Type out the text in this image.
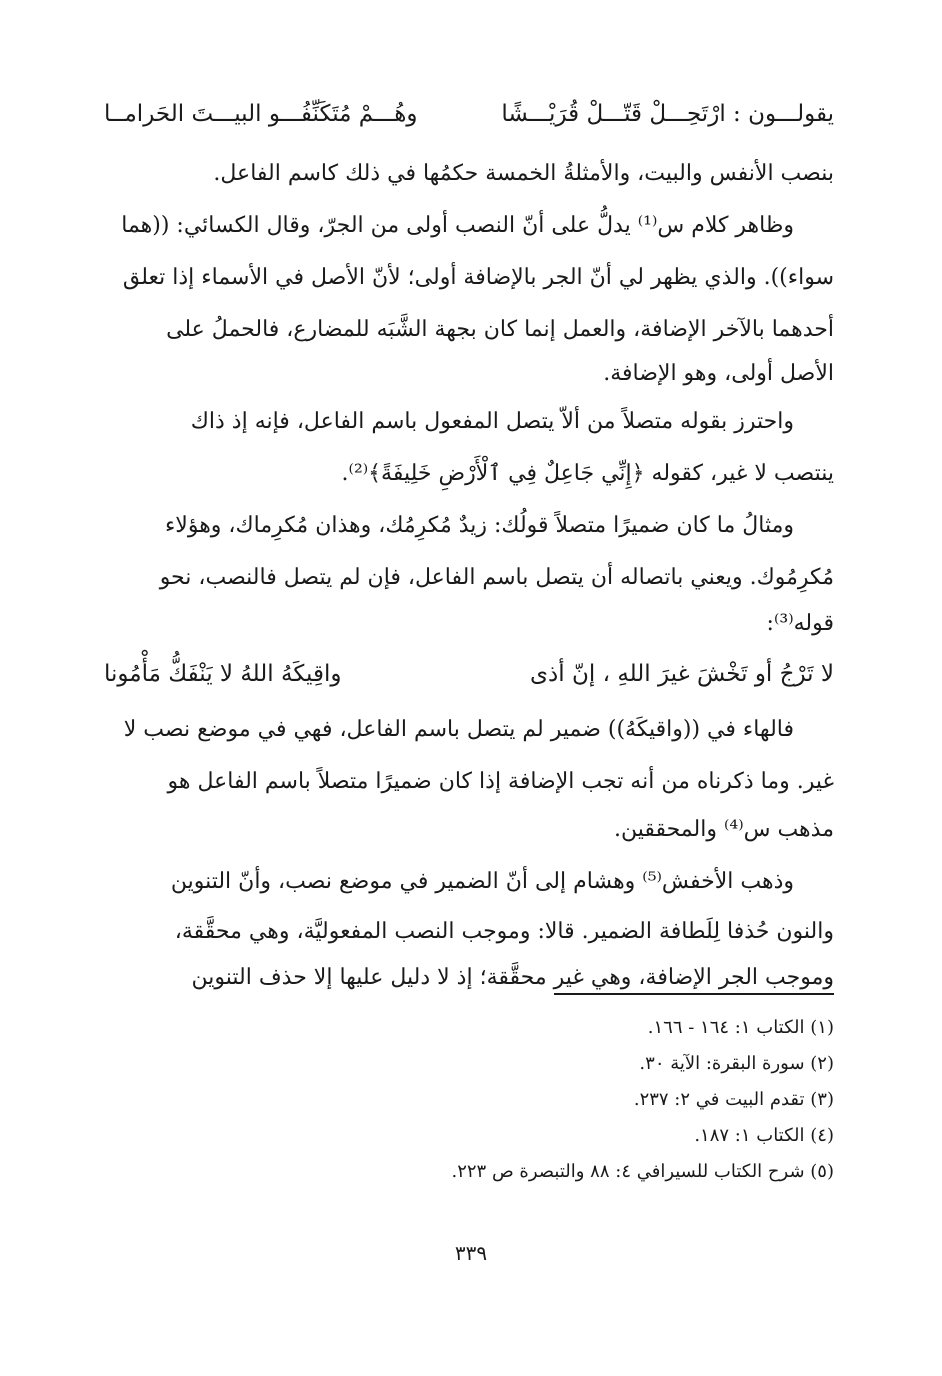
يقولـــون : ارْتَحِـــلْ قَتّـــلْ قُرَيْـــشًا
وهُـــمْ مُتَكَنِّفُـــو البيـــتَ الحَرامــا
بنصب الأنفس والبيت، والأمثلةُ الخمسة حكمُها في ذلك كاسم الفاعل.
وظاهر كلام س⁽¹⁾ يدلُّ على أنّ النصب أولى من الجرّ، وقال الكسائي: ((هما
سواء)). والذي يظهر لي أنّ الجر بالإضافة أولى؛ لأنّ الأصل في الأسماء إذا تعلق
أحدهما بالآخر الإضافة، والعمل إنما كان بجهة الشَّبَه للمضارع، فالحملُ على
الأصل أولى، وهو الإضافة.
واحترز بقوله متصلاً من ألاّ يتصل المفعول باسم الفاعل، فإنه إذ ذاك
ينتصب لا غير، كقوله ﴿إِنِّي جَاعِلٌ فِي ٱلْأَرْضِ خَلِيفَةً﴾⁽²⁾.
ومثالُ ما كان ضميرًا متصلاً قولُك: زيدٌ مُكرِمُك، وهذان مُكرِماك، وهؤلاء
مُكرِمُوك. ويعني باتصاله أن يتصل باسم الفاعل، فإن لم يتصل فالنصب، نحو
قوله⁽³⁾:
لا تَرْجُ أو تَخْشَ غيرَ اللهِ ، إنّ أذى
واقِيكَهُ اللهُ لا يَنْفَكُّ مَأْمُونا
فالهاء في ((واقيكَهُ)) ضمير لم يتصل باسم الفاعل، فهي في موضع نصب لا
غير. وما ذكرناه من أنه تجب الإضافة إذا كان ضميرًا متصلاً باسم الفاعل هو
مذهب س⁽⁴⁾ والمحققين.
وذهب الأخفش⁽⁵⁾ وهشام إلى أنّ الضمير في موضع نصب، وأنّ التنوين
والنون حُذفا لِلَطافة الضمير. قالا: وموجب النصب المفعوليَّة، وهي محقَّقة،
وموجب الجر الإضافة، وهي غير محقَّقة؛ إذ لا دليل عليها إلا حذف التنوين
(١) الكتاب ١: ١٦٤ - ١٦٦.
(٢) سورة البقرة: الآية ٣٠.
(٣) تقدم البيت في ٢: ٢٣٧.
(٤) الكتاب ١: ١٨٧.
(٥) شرح الكتاب للسيرافي ٤: ٨٨ والتبصرة ص ٢٢٣.
٣٣٩
